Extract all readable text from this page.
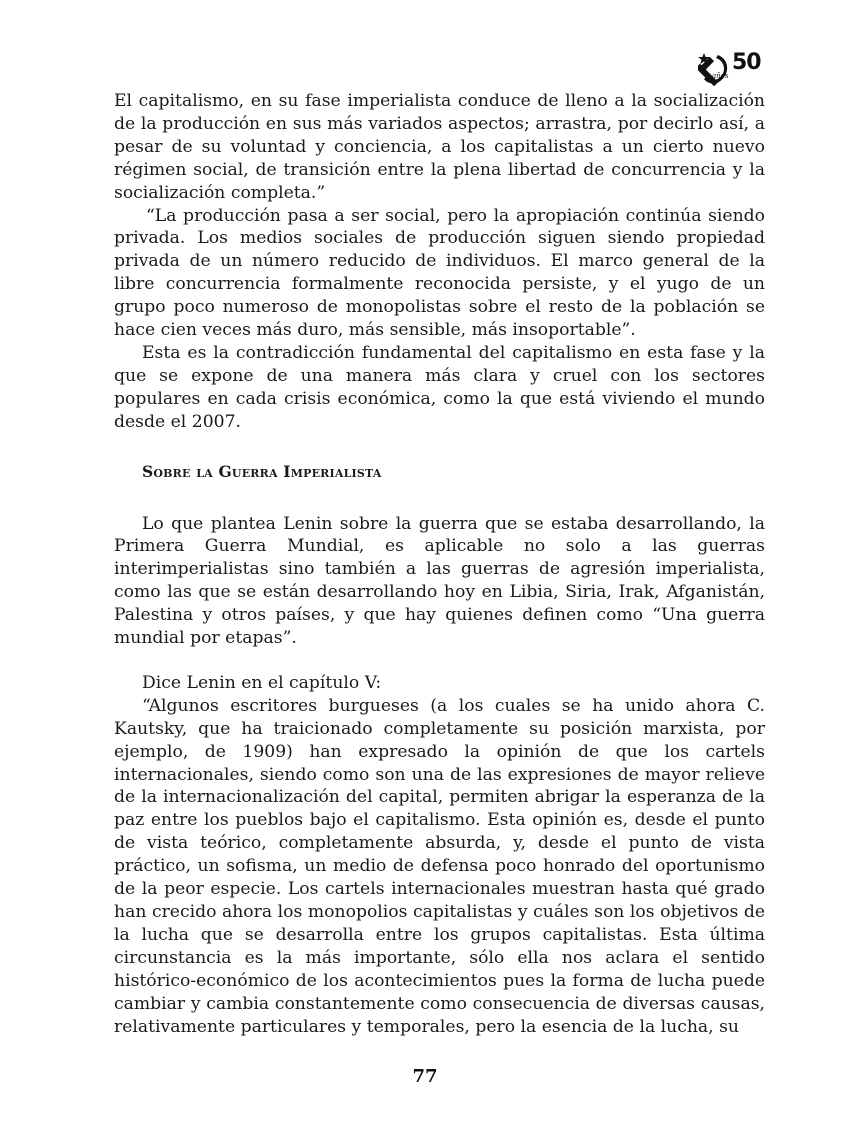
50
años

El capitalismo, en su fase imperialista conduce de lleno a la socialización de la producción en sus más variados aspectos; arrastra, por decirlo así, a pesar de su voluntad y conciencia, a los capitalistas a un cierto nuevo régimen social, de transición entre la plena libertad de concurrencia y la socialización completa.”

“La producción pasa a ser social, pero la apropiación continúa siendo privada. Los medios sociales de producción siguen siendo propiedad privada de un número reducido de individuos. El marco general de la libre concurrencia formalmente reconocida persiste, y el yugo de un grupo poco numeroso de monopolistas sobre el resto de la población se hace cien veces más duro, más sensible, más insoportable”.

Esta es la contradicción fundamental del capitalismo en esta fase y la que se expone de una manera más clara y cruel con los sectores populares en cada crisis económica, como la que está viviendo el mundo desde el 2007.

Sobre la Guerra Imperialista

Lo que plantea Lenin sobre la guerra que se estaba desarrollando, la Primera Guerra Mundial, es aplicable no solo a las guerras interimperialistas sino también a las guerras de agresión imperialista, como las que se están desarrollando hoy en Libia, Siria, Irak, Afganistán, Palestina y otros países, y que hay quienes definen como “Una guerra mundial por etapas”.

Dice Lenin en el capítulo V:

“Algunos escritores burgueses (a los cuales se ha unido ahora C. Kautsky, que ha traicionado completamente su posición marxista, por ejemplo, de 1909) han expresado la opinión de que los cartels internacionales, siendo como son una de las expresiones de mayor relieve de la internacionalización del capital, permiten abrigar la esperanza de la paz entre los pueblos bajo el capitalismo. Esta opinión es, desde el punto de vista teórico, completamente absurda, y, desde el punto de vista práctico, un sofisma, un medio de defensa poco honrado del oportunismo de la peor especie. Los cartels internacionales muestran hasta qué grado han crecido ahora los monopolios capitalistas y cuáles son los objetivos de la lucha que se desarrolla entre los grupos capitalistas. Esta última circunstancia es la más importante, sólo ella nos aclara el sentido histórico-económico de los acontecimientos pues la forma de lucha puede cambiar y cambia constantemente como consecuencia de diversas causas, relativamente particulares y temporales, pero la esencia de la lucha, su

77
